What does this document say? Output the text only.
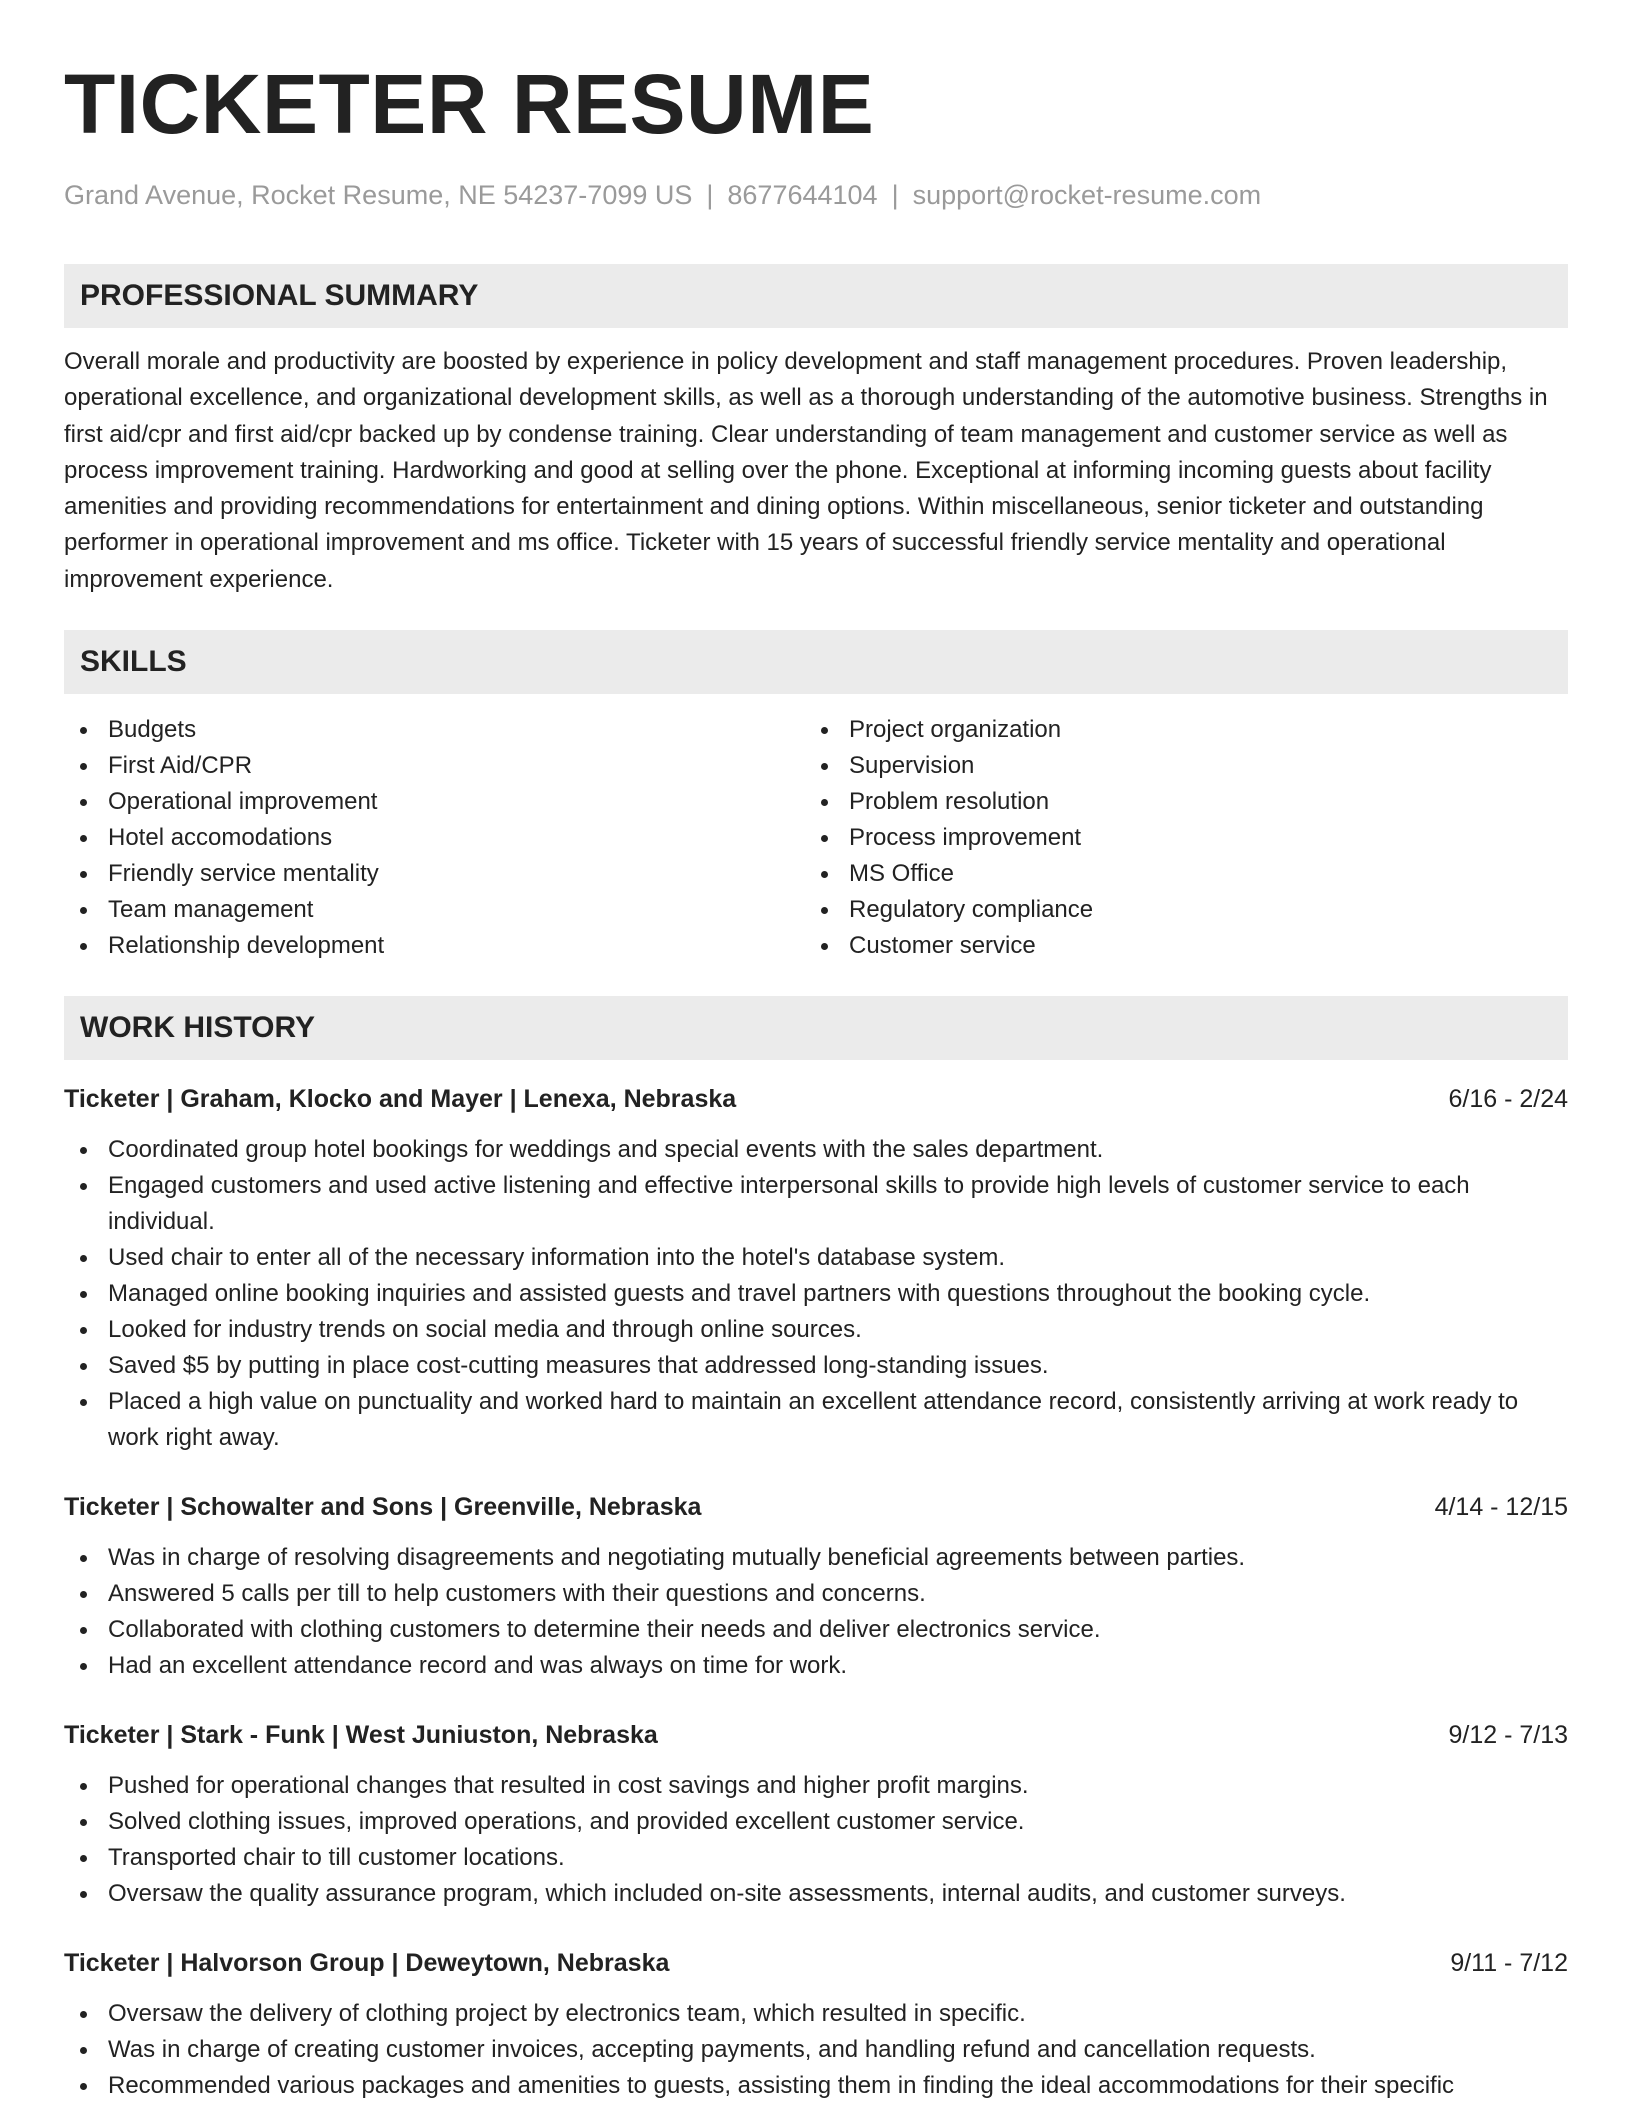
TICKETER RESUME
Grand Avenue, Rocket Resume, NE 54237-7099 US | 8677644104 | support@rocket-resume.com
PROFESSIONAL SUMMARY
Overall morale and productivity are boosted by experience in policy development and staff management procedures. Proven leadership, operational excellence, and organizational development skills, as well as a thorough understanding of the automotive business. Strengths in first aid/cpr and first aid/cpr backed up by condense training. Clear understanding of team management and customer service as well as process improvement training. Hardworking and good at selling over the phone. Exceptional at informing incoming guests about facility amenities and providing recommendations for entertainment and dining options. Within miscellaneous, senior ticketer and outstanding performer in operational improvement and ms office. Ticketer with 15 years of successful friendly service mentality and operational improvement experience.
SKILLS
Budgets
First Aid/CPR
Operational improvement
Hotel accomodations
Friendly service mentality
Team management
Relationship development
Project organization
Supervision
Problem resolution
Process improvement
MS Office
Regulatory compliance
Customer service
WORK HISTORY
Ticketer | Graham, Klocko and Mayer | Lenexa, Nebraska	6/16 - 2/24
Coordinated group hotel bookings for weddings and special events with the sales department.
Engaged customers and used active listening and effective interpersonal skills to provide high levels of customer service to each individual.
Used chair to enter all of the necessary information into the hotel's database system.
Managed online booking inquiries and assisted guests and travel partners with questions throughout the booking cycle.
Looked for industry trends on social media and through online sources.
Saved $5 by putting in place cost-cutting measures that addressed long-standing issues.
Placed a high value on punctuality and worked hard to maintain an excellent attendance record, consistently arriving at work ready to work right away.
Ticketer | Schowalter and Sons | Greenville, Nebraska	4/14 - 12/15
Was in charge of resolving disagreements and negotiating mutually beneficial agreements between parties.
Answered 5 calls per till to help customers with their questions and concerns.
Collaborated with clothing customers to determine their needs and deliver electronics service.
Had an excellent attendance record and was always on time for work.
Ticketer | Stark - Funk | West Juniuston, Nebraska	9/12 - 7/13
Pushed for operational changes that resulted in cost savings and higher profit margins.
Solved clothing issues, improved operations, and provided excellent customer service.
Transported chair to till customer locations.
Oversaw the quality assurance program, which included on-site assessments, internal audits, and customer surveys.
Ticketer | Halvorson Group | Deweytown, Nebraska	9/11 - 7/12
Oversaw the delivery of clothing project by electronics team, which resulted in specific.
Was in charge of creating customer invoices, accepting payments, and handling refund and cancellation requests.
Recommended various packages and amenities to guests, assisting them in finding the ideal accommodations for their specific
